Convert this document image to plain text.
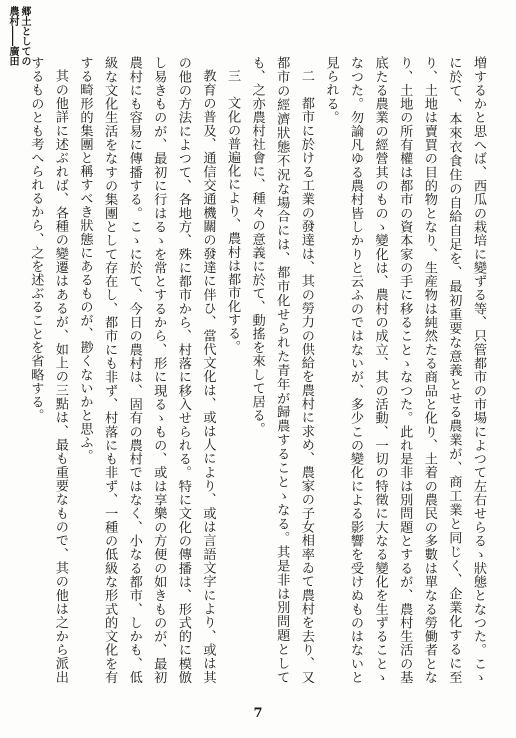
郷土としての農村――廣田

増するかと思へば、西瓜の栽培に變ずる等、只管都市の市場によつて左右せらるゝ狀態となつた。こゝに於て、本來衣食住の自給自足を、最初重要な意義とせる農業が、商工業と同じく、企業化するに至り、土地は賣買の目的物となり、生産物は純然たる商品と化り、土着の農民の多數は單なる勞働者となり、土地の所有權は都市の資本家の手に移ることゝなつた。此れ是非は別問題とするが、農村生活の基底たる農業の經營其のものゝ變化は、農村の成立、其の活動、一切の特徵に大なる變化を生ずることゝなつた。勿論凡ゆる農村皆しかりと云ふのではないが、多少この變化による影響を受けぬものはないと見られる。

二　都市に於ける工業の發達は、其の勞力の供給を農村に求め、農家の子女相率ゐて農村を去り、又都市の經濟狀態不況な場合には、都市化せられた青年が歸農することゝなる。其是非は別問題としても、之亦農村社會に、種々の意義に於て、動搖を來して居る。

三　文化の普遍化により、農村は都市化する。

教育の普及、通信交通機關の發達に伴ひ、當代文化は、或は人により、或は言語文字により、或は其の他の方法によつて、各地方、殊に都市から、村落に移入せられる。特に文化の傳播は、形式的に模倣し易きものが、最初に行はるゝを常とするから、形に現るゝもの、或は享樂の方便の如きものが、最初農村にも容易に傳播する。こゝに於て、今日の農村は、固有の農村ではなく、小なる都市、しかも、低級な文化生活をなすの集團として存在し、都市にも非ず、村落にも非ず、一種の低級な形式的文化を有する畸形的集團と稱すべき狀態にあるものが、尠くないかと思ふ。

其の他詳に述ぶれば、各種の變遷はあるが、如上の三點は、最も重要なもので、其の他は之から派出するものとも考へられるから、之を述ぶることを省略する。

7
